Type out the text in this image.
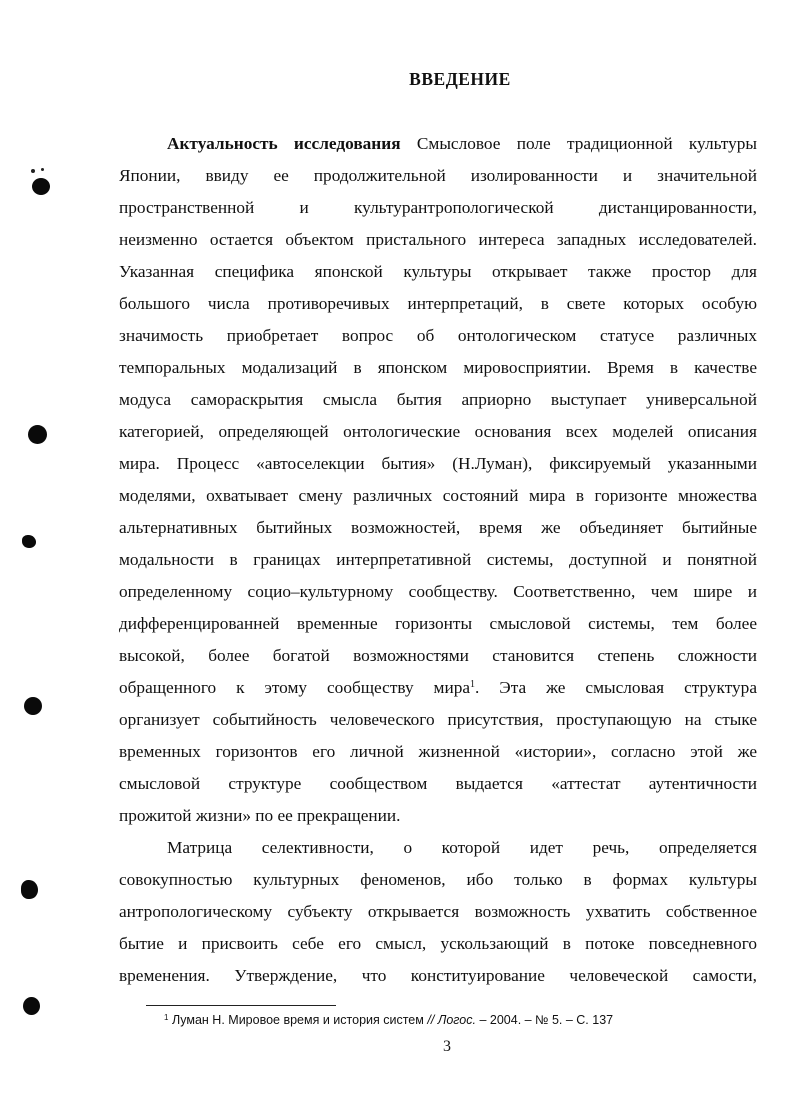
ВВЕДЕНИЕ
Актуальность исследования Смысловое поле традиционной культуры
Японии, ввиду ее продолжительной изолированности и значительной
пространственной и культурантропологической дистанцированности,
неизменно остается объектом пристального интереса западных исследователей.
Указанная специфика японской культуры открывает также простор для
большого числа противоречивых интерпретаций, в свете которых особую
значимость приобретает вопрос об онтологическом статусе различных
темпоральных модализаций в японском мировосприятии. Время в качестве
модуса самораскрытия смысла бытия априорно выступает универсальной
категорией, определяющей онтологические основания всех моделей описания
мира. Процесс «автоселекции бытия» (Н.Луман), фиксируемый указанными
моделями, охватывает смену различных состояний мира в горизонте множества
альтернативных бытийных возможностей, время же объединяет бытийные
модальности в границах интерпретативной системы, доступной и понятной
определенному социо–культурному сообществу. Соответственно, чем шире и
дифференцированней временные горизонты смысловой системы, тем более
высокой, более богатой возможностями становится степень сложности
обращенного к этому сообществу мира$^1$. Эта же смысловая структура
организует событийность человеческого присутствия, проступающую на стыке
временных горизонтов его личной жизненной «истории», согласно этой же
смысловой структуре сообществом выдается «аттестат аутентичности
прожитой жизни» по ее прекращении.
Матрица селективности, о которой идет речь, определяется
совокупностью культурных феноменов, ибо только в формах культуры
антропологическому субъекту открывается возможность ухватить собственное
бытие и присвоить себе его смысл, ускользающий в потоке повседневного
временения. Утверждение, что конституирование человеческой самости,
$^1$ Луман Н. Мировое время и история систем // Логос. – 2004. – № 5. – С. 137
3
